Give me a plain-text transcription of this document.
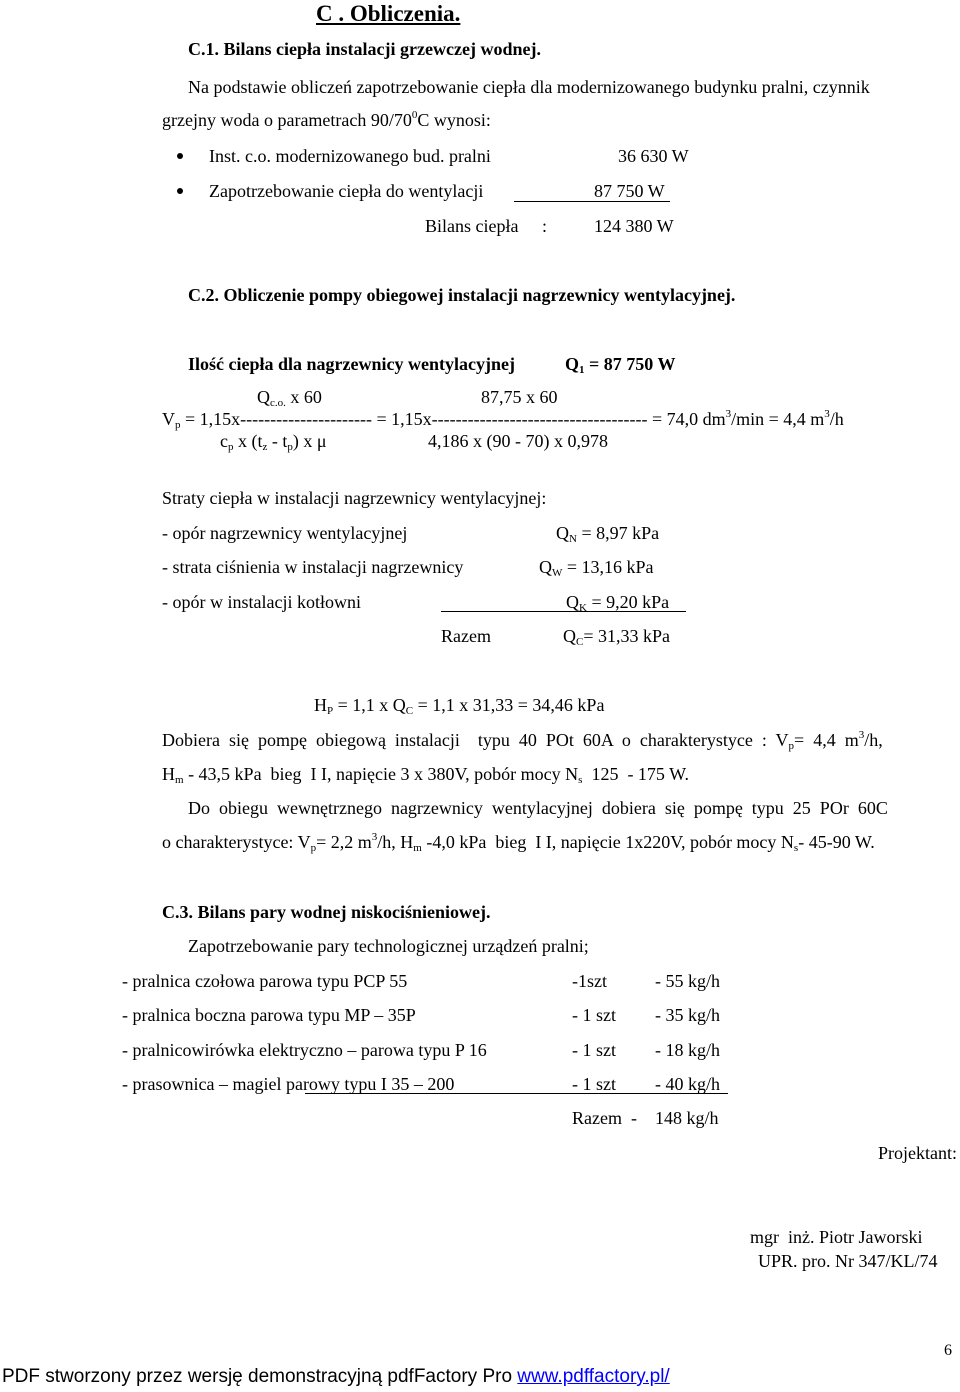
C . Obliczenia.
C.1. Bilans ciepła instalacji grzewczej wodnej.
Na podstawie obliczeń zapotrzebowanie ciepła dla modernizowanego budynku pralni, czynnik
grzejny woda o parametrach $90/70^0C$ wynosi:
Inst. c.o. modernizowanego bud. pralni	36 630 W
Zapotrzebowanie ciepła do wentylacji	87 750 W
Bilans ciepła :	124 380 W
C.2. Obliczenie pompy obiegowej instalacji nagrzewnicy wentylacyjnej.
Ilość ciepła dla nagrzewnicy wentylacyjnej	$Q_1 = 87$ 750 W
$Q_{c.o.}$ x 60	87,75 x 60
$V_p = 1,15x---------------------- = 1,15x------------------------------------ = 74,0$ $dm^3/\min = 4,4$ $m^3/h$
$c_p$ x $(t_z - t_p)$ x μ	4,186 x (90 - 70) x 0,978
Straty ciepła w instalacji nagrzewnicy wentylacyjnej:
- opór nagrzewnicy wentylacyjnej	$Q_N = 8,97$ kPa
- strata ciśnienia w instalacji nagrzewnicy	$Q_W = 13,16$ kPa
- opór w instalacji kotłowni	$Q_K = 9,20$ kPa
Razem	$Q_C= 31,33$ kPa
$H_P = 1,1$ x $Q_C = 1,1$ x 31,33 = 34,46 kPa
Dobiera  się  pompę  obiegową  instalacji    typu  40  POt  60A  o  charakterystyce  :  $V_p= 4,4$  $m^3/h$,
$H_m - 43,5$ kPa  bieg  I I, napięcie 3 x 380V, pobór mocy $N_s$  125  - 175 W.
Do  obiegu  wewnętrznego  nagrzewnicy  wentylacyjnej  dobiera  się  pompę  typu  25  POr  60C
o charakterystyce: $V_p= 2,2$ $m^3/h$, $H_m$ -4,0 kPa  bieg  I I, napięcie 1x220V, pobór mocy $N_s-$ 45-90 W.
C.3. Bilans pary wodnej niskociśnieniowej.
Zapotrzebowanie pary technologicznej urządzeń pralni;
- pralnica czołowa parowa typu PCP 55	-1szt	- 55 kg/h
- pralnica boczna parowa typu MP – 35P	- 1 szt - 35 kg/h
- pralnicowirówka elektryczno – parowa typu P 16	- 1 szt - 18 kg/h
- prasownica – magiel parowy typu I 35 – 200	- 1 szt - 40 kg/h
Razem  - 148 kg/h
Projektant:
mgr  inż. Piotr Jaworski
UPR. pro. Nr 347/KL/74
6
PDF stworzony przez wersję demonstracyjną pdfFactory Pro www.pdffactory.pl/
